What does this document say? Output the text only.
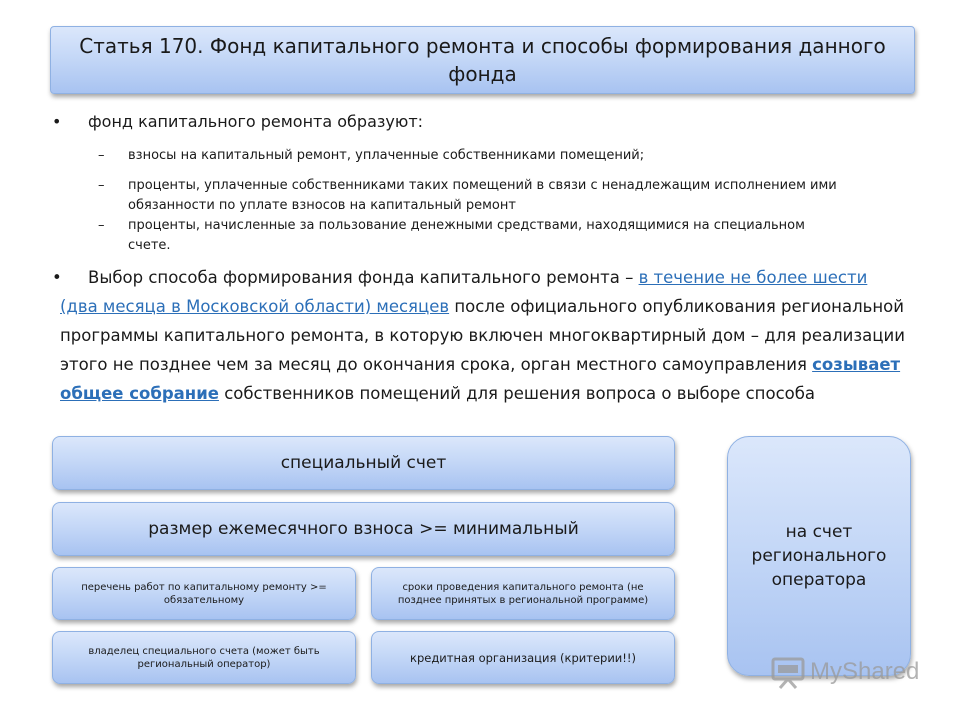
Статья 170. Фонд капитального ремонта и способы формирования данного фонда
• фонд капитального ремонта образуют:
– взносы на капитальный ремонт, уплаченные собственниками помещений;
– проценты, уплаченные собственниками таких помещений в связи с ненадлежащим исполнением ими обязанности по уплате взносов на капитальный ремонт
– проценты, начисленные за пользование денежными средствами, находящимися на специальном счете.
•	Выбор способа формирования фонда капитального ремонта – в течение не более шести (два месяца в Московской области) месяцев после официального опубликования региональной программы капитального ремонта, в которую включен многоквартирный дом – для реализации этого не позднее чем за месяц до окончания срока, орган местного самоуправления созывает общее собрание собственников помещений для решения вопроса о выборе способа
специальный счет
размер ежемесячного взноса >= минимальный
перечень работ по капитальному ремонту >= обязательному
сроки проведения капитального ремонта (не позднее принятых в региональной программе)
владелец специального счета (может быть региональный оператор)	кредитная организация (критерии!!)
на счет регионального оператора
MyShared
